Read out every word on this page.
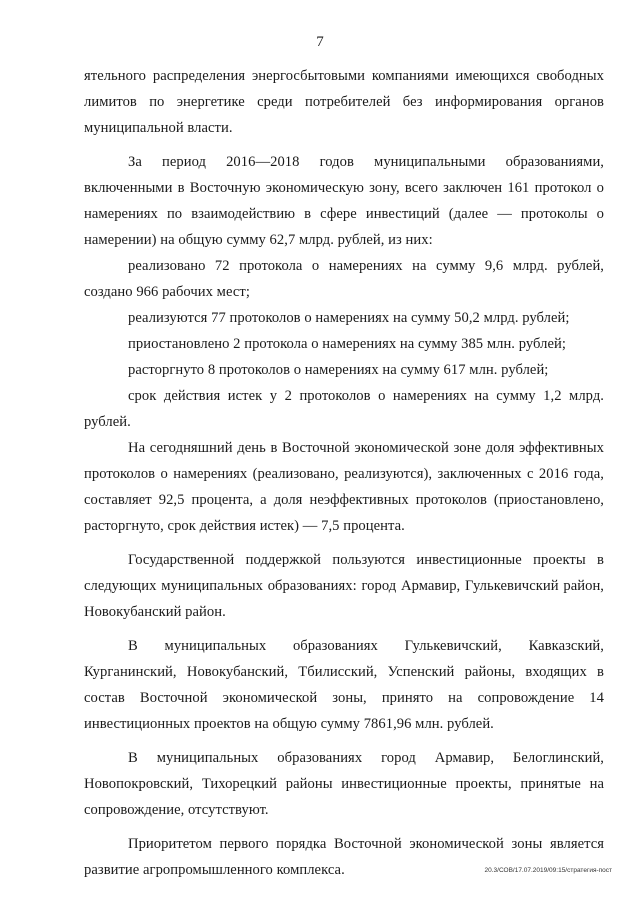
7

ятельного распределения энергосбытовыми компаниями имеющихся свободных лимитов по энергетике среди потребителей без информирования органов муниципальной власти.

За период 2016—2018 годов муниципальными образованиями, включенными в Восточную экономическую зону, всего заключен 161 протокол о намерениях по взаимодействию в сфере инвестиций (далее — протоколы о намерении) на общую сумму 62,7 млрд. рублей, из них:

реализовано 72 протокола о намерениях на сумму 9,6 млрд. рублей, создано 966 рабочих мест;

реализуются 77 протоколов о намерениях на сумму 50,2 млрд. рублей;

приостановлено 2 протокола о намерениях на сумму 385 млн. рублей;

расторгнуто 8 протоколов о намерениях на сумму 617 млн. рублей;

срок действия истек у 2 протоколов о намерениях на сумму 1,2 млрд. рублей.

На сегодняшний день в Восточной экономической зоне доля эффективных протоколов о намерениях (реализовано, реализуются), заключенных с 2016 года, составляет 92,5 процента, а доля неэффективных протоколов (приостановлено, расторгнуто, срок действия истек) — 7,5 процента.

Государственной поддержкой пользуются инвестиционные проекты в следующих муниципальных образованиях: город Армавир, Гулькевичский район, Новокубанский район.

В муниципальных образованиях Гулькевичский, Кавказский, Курганинский, Новокубанский, Тбилисский, Успенский районы, входящих в состав Восточной экономической зоны, принято на сопровождение 14 инвестиционных проектов на общую сумму 7861,96 млн. рублей.

В муниципальных образованиях город Армавир, Белоглинский, Новопокровский, Тихорецкий районы инвестиционные проекты, принятые на сопровождение, отсутствуют.

Приоритетом первого порядка Восточной экономической зоны является развитие агропромышленного комплекса.	20.3/СОВ/17.07.2019/09:15/стратегия-пост
